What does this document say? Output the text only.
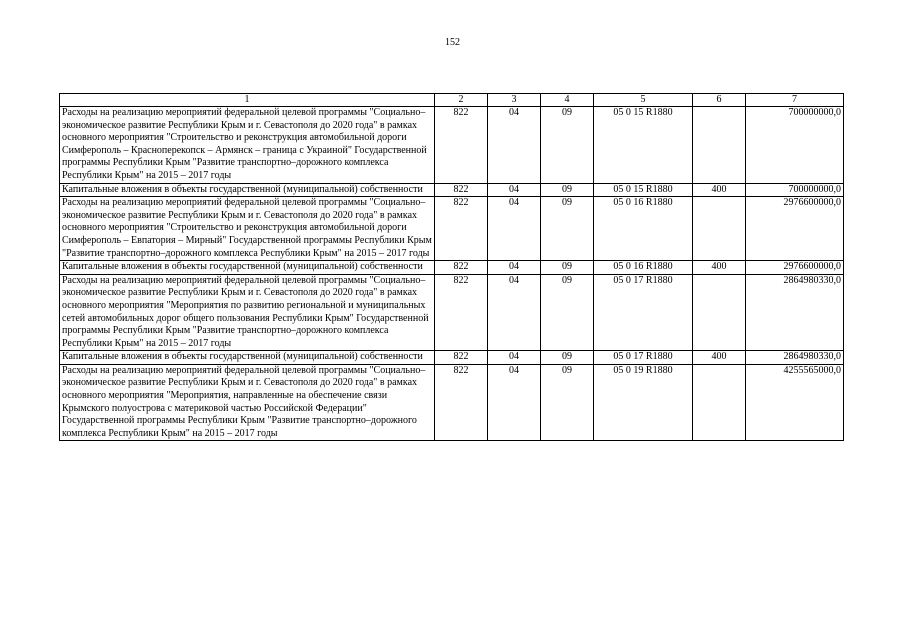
152
1	2	3	4	5	6	7
Расходы на реализацию мероприятий федеральной целевой программы "Социально–экономическое развитие Республики Крым и г. Севастополя до 2020 года" в рамках основного мероприятия "Строительство и реконструкция автомобильной дороги Симферополь – Красноперекопск – Армянск – граница с Украиной" Государственной программы Республики Крым "Развитие транспортно–дорожного комплекса Республики Крым" на 2015 – 2017 годы	822	04	09	05 0 15 R1880		700000000,0
Капитальные вложения в объекты государственной (муниципальной) собственности	822	04	09	05 0 15 R1880	400	700000000,0
Расходы на реализацию мероприятий федеральной целевой программы "Социально–экономическое развитие Республики Крым и г. Севастополя до 2020 года" в рамках основного мероприятия "Строительство и реконструкция автомобильной дороги Симферополь – Евпатория – Мирный" Государственной программы Республики Крым "Развитие транспортно–дорожного комплекса Республики Крым" на 2015 – 2017 годы	822	04	09	05 0 16 R1880		2976600000,0
Капитальные вложения в объекты государственной (муниципальной) собственности	822	04	09	05 0 16 R1880	400	2976600000,0
Расходы на реализацию мероприятий федеральной целевой программы "Социально–экономическое развитие Республики Крым и г. Севастополя до 2020 года" в рамках основного мероприятия "Мероприятия по развитию региональной и муниципальных сетей автомобильных дорог общего пользования Республики Крым" Государственной программы Республики Крым "Развитие транспортно–дорожного комплекса Республики Крым" на 2015 – 2017 годы	822	04	09	05 0 17 R1880		2864980330,0
Капитальные вложения в объекты государственной (муниципальной) собственности	822	04	09	05 0 17 R1880	400	2864980330,0
Расходы на реализацию мероприятий федеральной целевой программы "Социально–экономическое развитие Республики Крым и г. Севастополя до 2020 года" в рамках основного мероприятия "Мероприятия, направленные на обеспечение связи Крымского полуострова с материковой частью Российской Федерации" Государственной программы Республики Крым "Развитие транспортно–дорожного комплекса Республики Крым" на 2015 – 2017 годы	822	04	09	05 0 19 R1880		4255565000,0
